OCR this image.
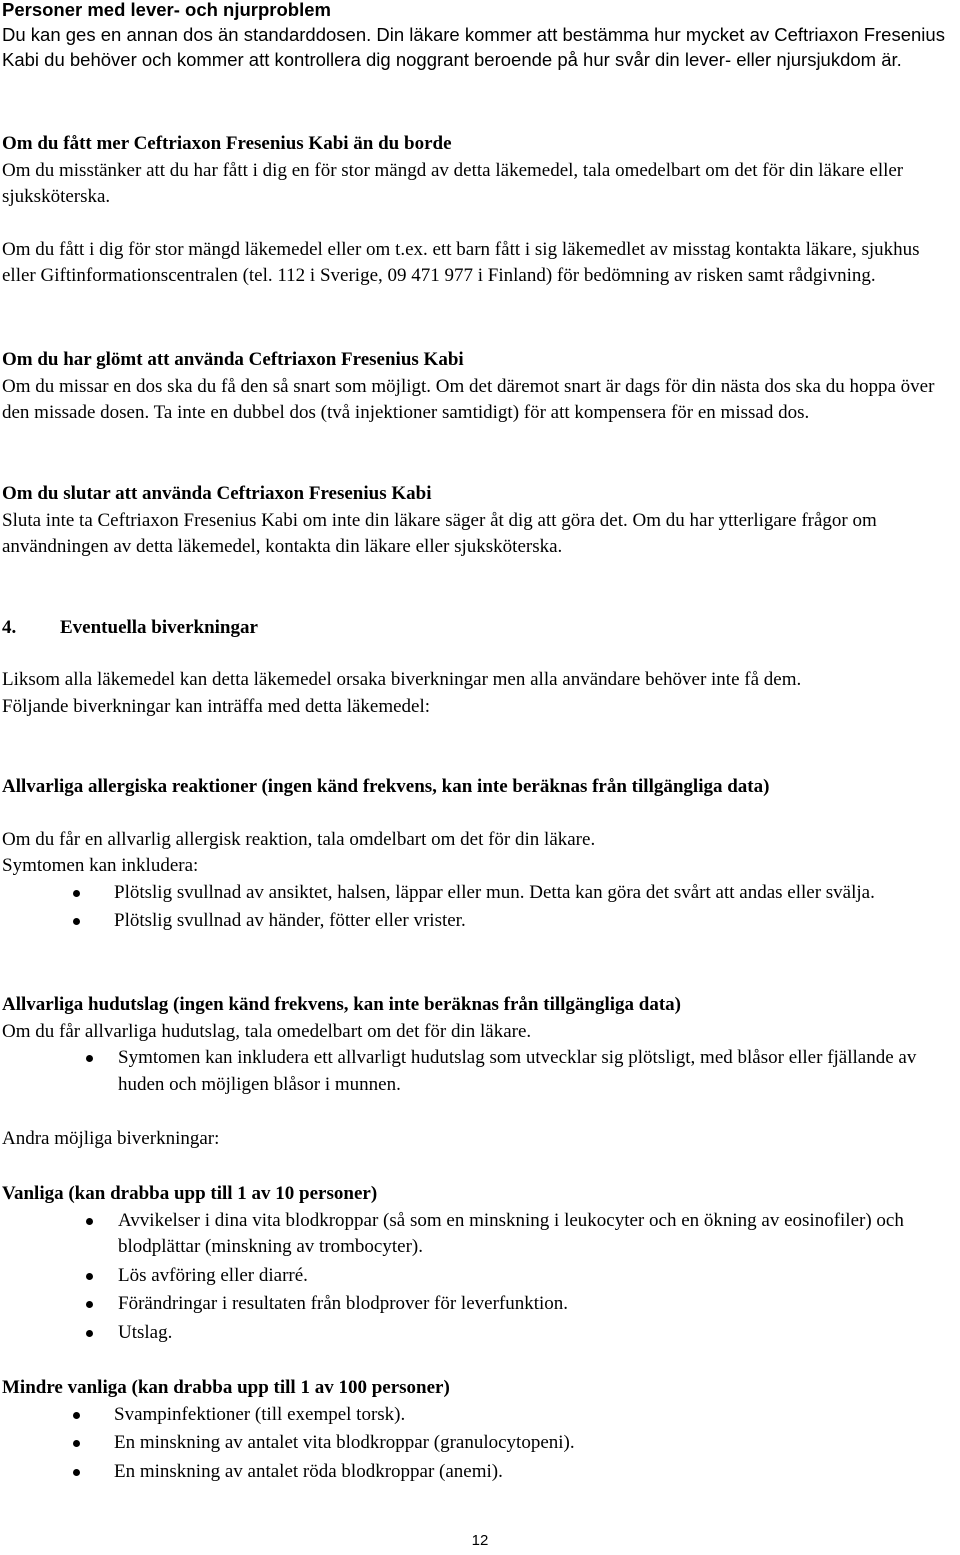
Personer med lever- och njurproblem

Du kan ges en annan dos än standarddosen. Din läkare kommer att bestämma hur mycket av Ceftriaxon Fresenius Kabi du behöver och kommer att kontrollera dig noggrant beroende på hur svår din lever- eller njursjukdom är.

Om du fått mer Ceftriaxon Fresenius Kabi än du borde

Om du misstänker att du har fått i dig en för stor mängd av detta läkemedel, tala omedelbart om det för din läkare eller sjuksköterska.

Om du fått i dig för stor mängd läkemedel eller om t.ex. ett barn fått i sig läkemedlet av misstag kontakta läkare, sjukhus eller Giftinformationscentralen (tel. 112 i Sverige, 09 471 977 i Finland) för bedömning av risken samt rådgivning.

Om du har glömt att använda Ceftriaxon Fresenius Kabi

Om du missar en dos ska du få den så snart som möjligt. Om det däremot snart är dags för din nästa dos ska du hoppa över den missade dosen. Ta inte en dubbel dos (två injektioner samtidigt) för att kompensera för en missad dos.

Om du slutar att använda Ceftriaxon Fresenius Kabi

Sluta inte ta Ceftriaxon Fresenius Kabi om inte din läkare säger åt dig att göra det. Om du har ytterligare frågor om användningen av detta läkemedel, kontakta din läkare eller sjuksköterska.

4. Eventuella biverkningar

Liksom alla läkemedel kan detta läkemedel orsaka biverkningar men alla användare behöver inte få dem.

Följande biverkningar kan inträffa med detta läkemedel:

Allvarliga allergiska reaktioner (ingen känd frekvens, kan inte beräknas från tillgängliga data)

Om du får en allvarlig allergisk reaktion, tala omdelbart om det för din läkare.

Symtomen kan inkludera:

Plötslig svullnad av ansiktet, halsen, läppar eller mun. Detta kan göra det svårt att andas eller svälja.
Plötslig svullnad av händer, fötter eller vrister.

Allvarliga hudutslag (ingen känd frekvens, kan inte beräknas från tillgängliga data)

Om du får allvarliga hudutslag, tala omedelbart om det för din läkare.

Symtomen kan inkludera ett allvarligt hudutslag som utvecklar sig plötsligt, med blåsor eller fjällande av huden och möjligen blåsor i munnen.

Andra möjliga biverkningar:

Vanliga (kan drabba upp till 1 av 10 personer)

Avvikelser i dina vita blodkroppar (så som en minskning i leukocyter och en ökning av eosinofiler) och blodplättar (minskning av trombocyter).
Lös avföring eller diarré.
Förändringar i resultaten från blodprover för leverfunktion.
Utslag.

Mindre vanliga (kan drabba upp till 1 av 100 personer)

Svampinfektioner (till exempel torsk).
En minskning av antalet vita blodkroppar (granulocytopeni).
En minskning av antalet röda blodkroppar (anemi).
12
